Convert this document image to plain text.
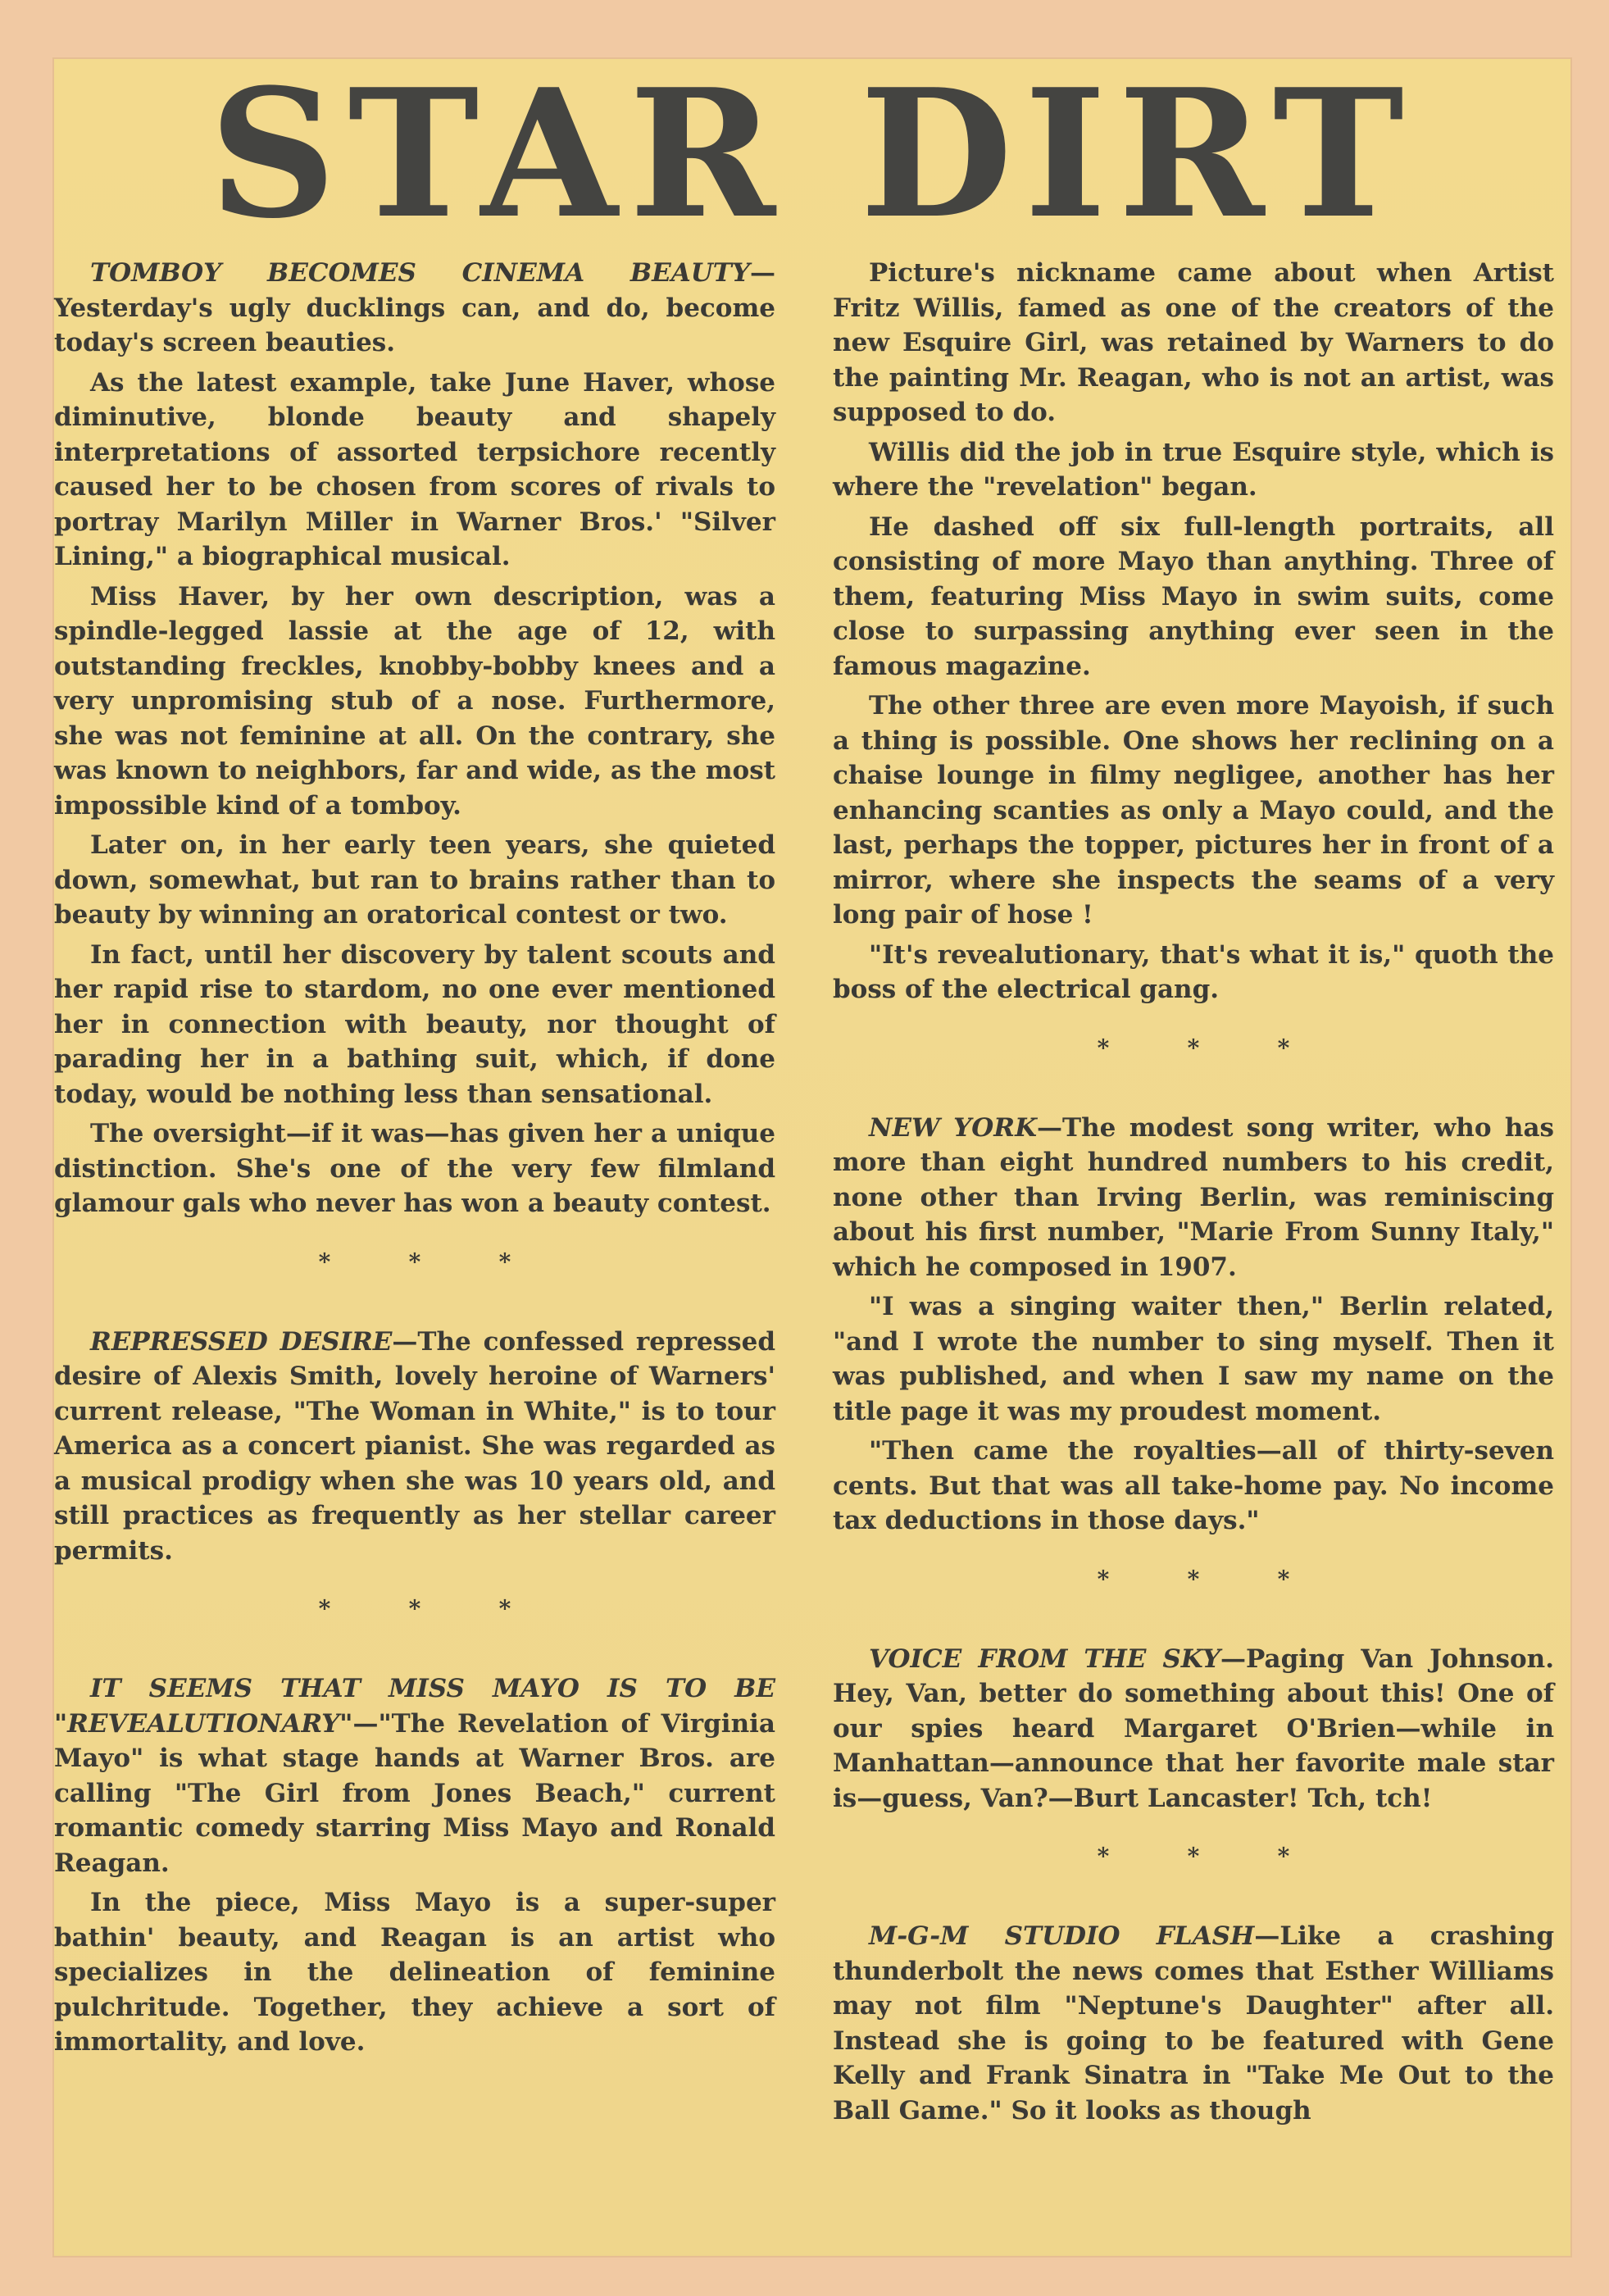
STAR DIRT

TOMBOY BECOMES CINEMA BEAUTY—Yesterday's ugly ducklings can, and do, become today's screen beauties.

As the latest example, take June Haver, whose diminutive, blonde beauty and shapely interpretations of assorted terpsichore recently caused her to be chosen from scores of rivals to portray Marilyn Miller in Warner Bros.' "Silver Lining," a biographical musical.

Miss Haver, by her own description, was a spindle-legged lassie at the age of 12, with outstanding freckles, knobby-bobby knees and a very unpromising stub of a nose. Furthermore, she was not feminine at all. On the contrary, she was known to neighbors, far and wide, as the most impossible kind of a tomboy.

Later on, in her early teen years, she quieted down, somewhat, but ran to brains rather than to beauty by winning an oratorical contest or two.

In fact, until her discovery by talent scouts and her rapid rise to stardom, no one ever mentioned her in connection with beauty, nor thought of parading her in a bathing suit, which, if done today, would be nothing less than sensational.

The oversight—if it was—has given her a unique distinction. She's one of the very few filmland glamour gals who never has won a beauty contest.

*	*	*

REPRESSED DESIRE—The confessed repressed desire of Alexis Smith, lovely heroine of Warners' current release, "The Woman in White," is to tour America as a concert pianist. She was regarded as a musical prodigy when she was 10 years old, and still practices as frequently as her stellar career permits.

*	*	*

IT SEEMS THAT MISS MAYO IS TO BE "REVEALUTIONARY"—"The Revelation of Virginia Mayo" is what stage hands at Warner Bros. are calling "The Girl from Jones Beach," current romantic comedy starring Miss Mayo and Ronald Reagan.

In the piece, Miss Mayo is a super-super bathin' beauty, and Reagan is an artist who specializes in the delineation of feminine pulchritude. Together, they achieve a sort of immortality, and love.

Picture's nickname came about when Artist Fritz Willis, famed as one of the creators of the new Esquire Girl, was retained by Warners to do the painting Mr. Reagan, who is not an artist, was supposed to do.

Willis did the job in true Esquire style, which is where the "revelation" began.

He dashed off six full-length portraits, all consisting of more Mayo than anything. Three of them, featuring Miss Mayo in swim suits, come close to surpassing anything ever seen in the famous magazine.

The other three are even more Mayoish, if such a thing is possible. One shows her reclining on a chaise lounge in filmy negligee, another has her enhancing scanties as only a Mayo could, and the last, perhaps the topper, pictures her in front of a mirror, where she inspects the seams of a very long pair of hose !

"It's revealutionary, that's what it is," quoth the boss of the electrical gang.

*	*	*

NEW YORK—The modest song writer, who has more than eight hundred numbers to his credit, none other than Irving Berlin, was reminiscing about his first number, "Marie From Sunny Italy," which he composed in 1907.

"I was a singing waiter then," Berlin related, "and I wrote the number to sing myself. Then it was published, and when I saw my name on the title page it was my proudest moment.

"Then came the royalties—all of thirty-seven cents. But that was all take-home pay. No income tax deductions in those days."

*	*	*

VOICE FROM THE SKY—Paging Van Johnson. Hey, Van, better do something about this! One of our spies heard Margaret O'Brien—while in Manhattan—announce that her favorite male star is—guess, Van?—Burt Lancaster! Tch, tch!

*	*	*

M-G-M STUDIO FLASH—Like a crashing thunderbolt the news comes that Esther Williams may not film "Neptune's Daughter" after all. Instead she is going to be featured with Gene Kelly and Frank Sinatra in "Take Me Out to the Ball Game." So it looks as though
